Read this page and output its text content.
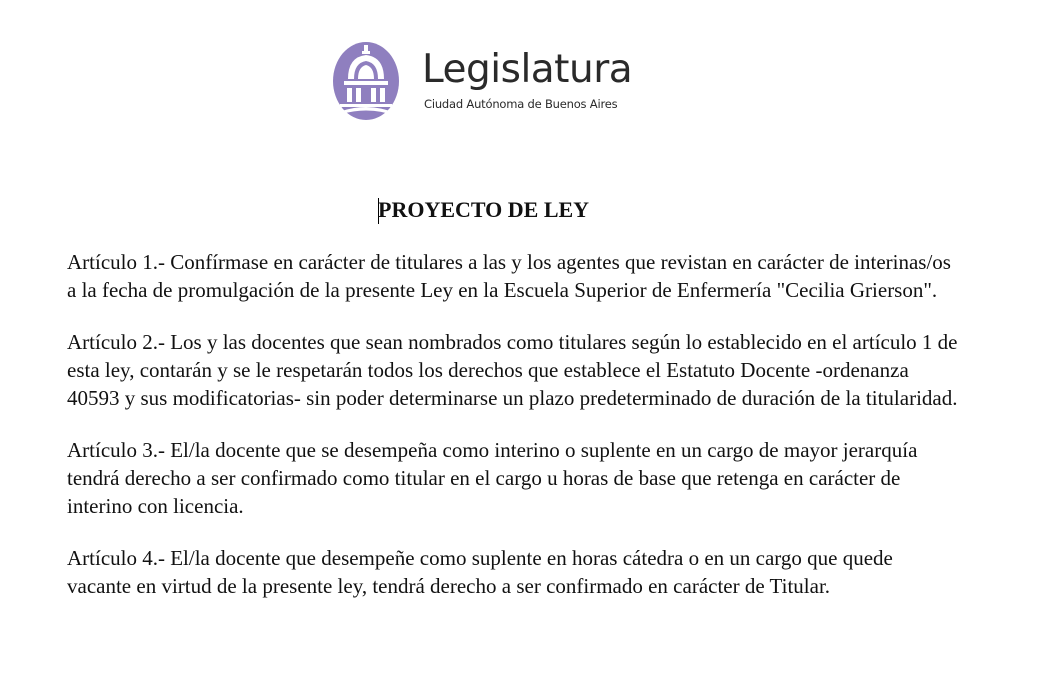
Legislatura
Ciudad Autónoma de Buenos Aires
PROYECTO DE LEY

Artículo 1.- Confírmase en carácter de titulares a las y los agentes que revistan en carácter de interinas/os a la fecha de promulgación de la presente Ley en la Escuela Superior de Enfermería "Cecilia Grierson".

Artículo 2.- Los y las docentes que sean nombrados como titulares según lo establecido en el artículo 1 de esta ley, contarán y se le respetarán todos los derechos que establece el Estatuto Docente -ordenanza 40593 y sus modificatorias- sin poder determinarse un plazo predeterminado de duración de la titularidad.

Artículo 3.- El/la docente que se desempeña como interino o suplente en un cargo de mayor jerarquía tendrá derecho a ser confirmado como titular en el cargo u horas de base que retenga en carácter de interino con licencia.

Artículo 4.- El/la docente que desempeñe como suplente en horas cátedra o en un cargo que quede vacante en virtud de la presente ley, tendrá derecho a ser confirmado en carácter de Titular.
